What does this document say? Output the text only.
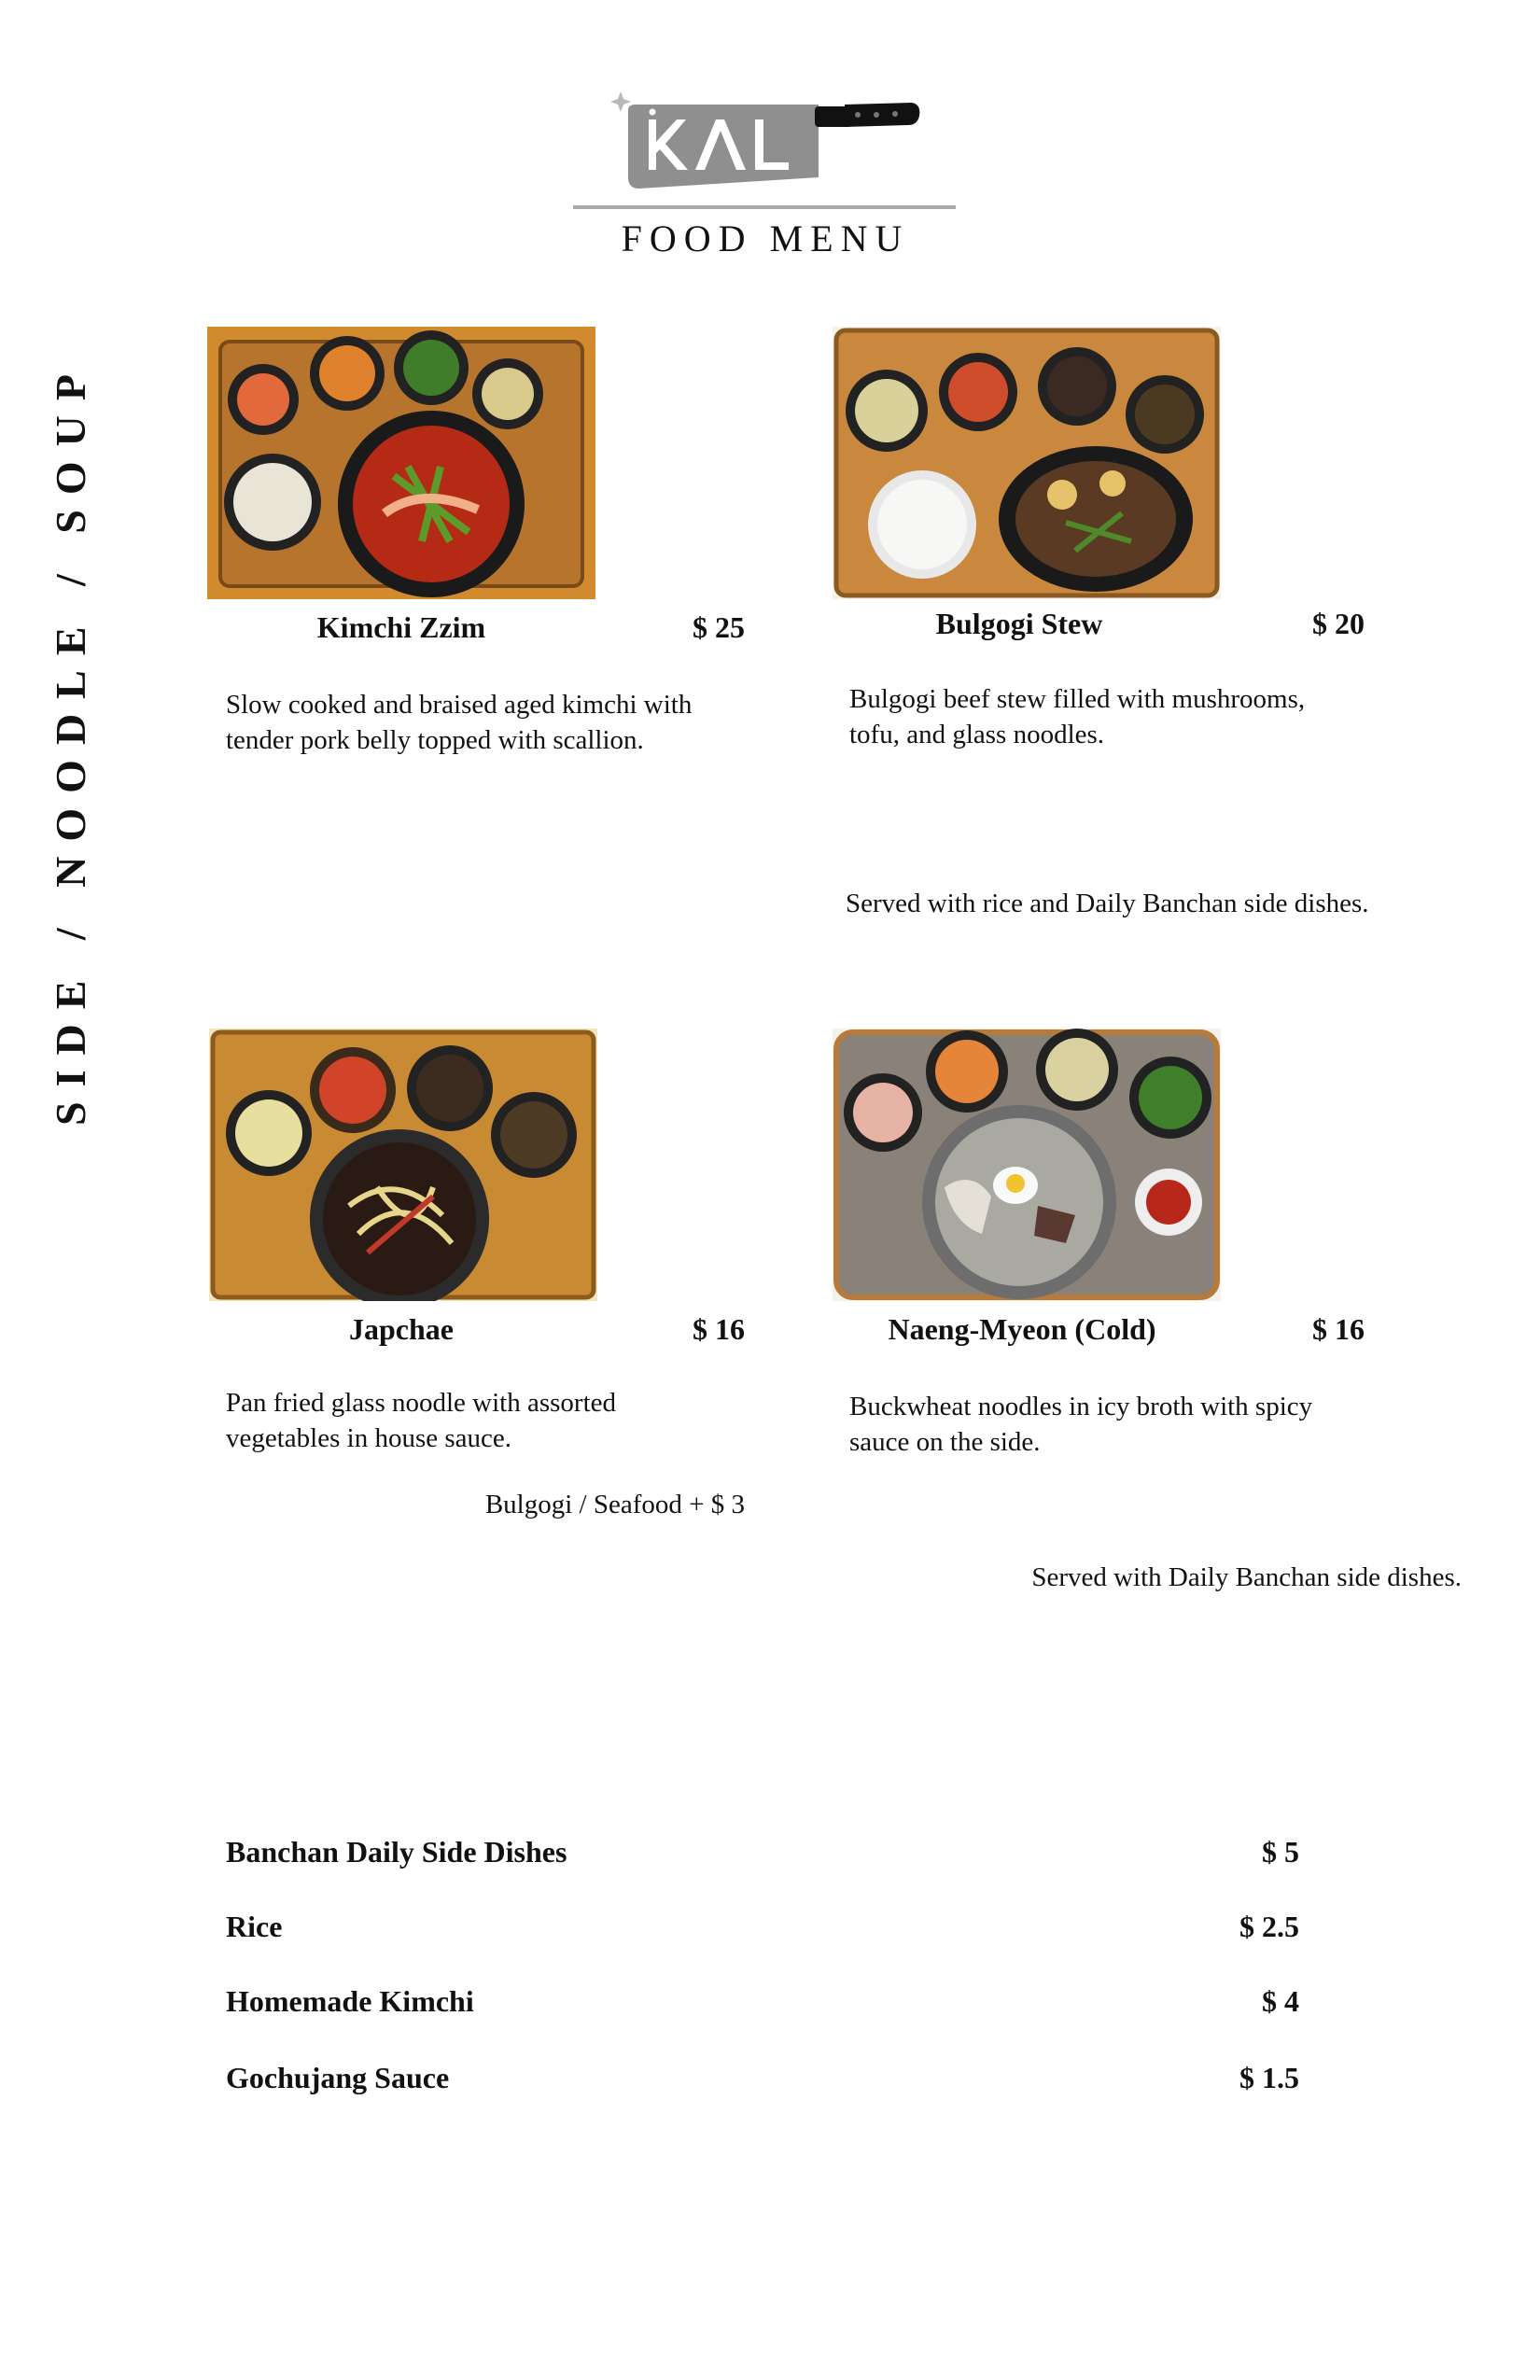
FOOD MENU
SIDE / NOODLE / SOUP	Kimchi Zzim	$ 25
Slow cooked and braised aged kimchi with tender pork belly topped with scallion.
Bulgogi Stew	$ 20
Bulgogi beef stew filled with mushrooms, tofu, and glass noodles.
Served with rice and Daily Banchan side dishes.
Japchae	$ 16
Pan fried glass noodle with assorted vegetables in house sauce.
Bulgogi / Seafood + $ 3
Naeng-Myeon (Cold)	$ 16
Buckwheat noodles in icy broth with spicy sauce on the side.
Served with Daily Banchan side dishes.
Banchan Daily Side Dishes	$ 5
Rice	$ 2.5
Homemade Kimchi	$ 4
Gochujang Sauce	$ 1.5
